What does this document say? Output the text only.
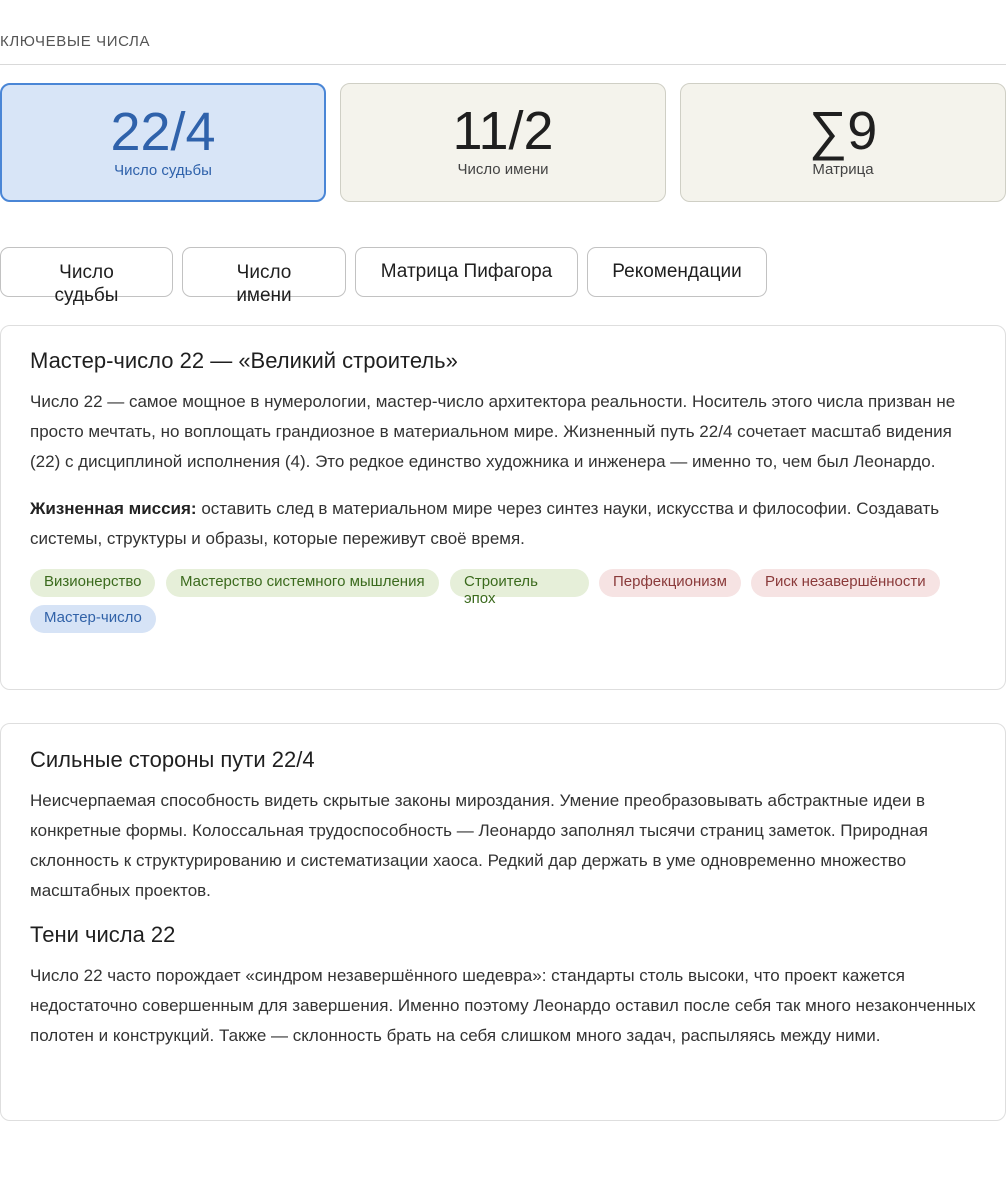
КЛЮЧЕВЫЕ ЧИСЛА
22/4
Число судьбы
11/2
Число имени
∑9
Матрица
Число
судьбы
Число
имени
Матрица Пифагора	Рекомендации
Мастер-число 22 — «Великий строитель»

Число 22 — самое мощное в нумерологии, мастер-число архитектора реальности. Носитель этого числа призван не просто мечтать, но воплощать грандиозное в материальном мире. Жизненный путь 22/4 сочетает масштаб видения (22) с дисциплиной исполнения (4). Это редкое единство художника и инженера — именно то, чем был Леонардо.

Жизненная миссия: оставить след в материальном мире через синтез науки, искусства и философии. Создавать системы, структуры и образы, которые переживут своё время.

Визионерство	Мастерство системного мышления	Строитель
эпох
Перфекционизм	Риск незавершённости
Мастер-число
Сильные стороны пути 22/4

Неисчерпаемая способность видеть скрытые законы мироздания. Умение преобразовывать абстрактные идеи в конкретные формы. Колоссальная трудоспособность — Леонардо заполнял тысячи страниц заметок. Природная склонность к структурированию и систематизации хаоса. Редкий дар держать в уме одновременно множество масштабных проектов.

Тени числа 22

Число 22 часто порождает «синдром незавершённого шедевра»: стандарты столь высоки, что проект кажется недостаточно совершенным для завершения. Именно поэтому Леонардо оставил после себя так много незаконченных полотен и конструкций. Также — склонность брать на себя слишком много задач, распыляясь между ними.
